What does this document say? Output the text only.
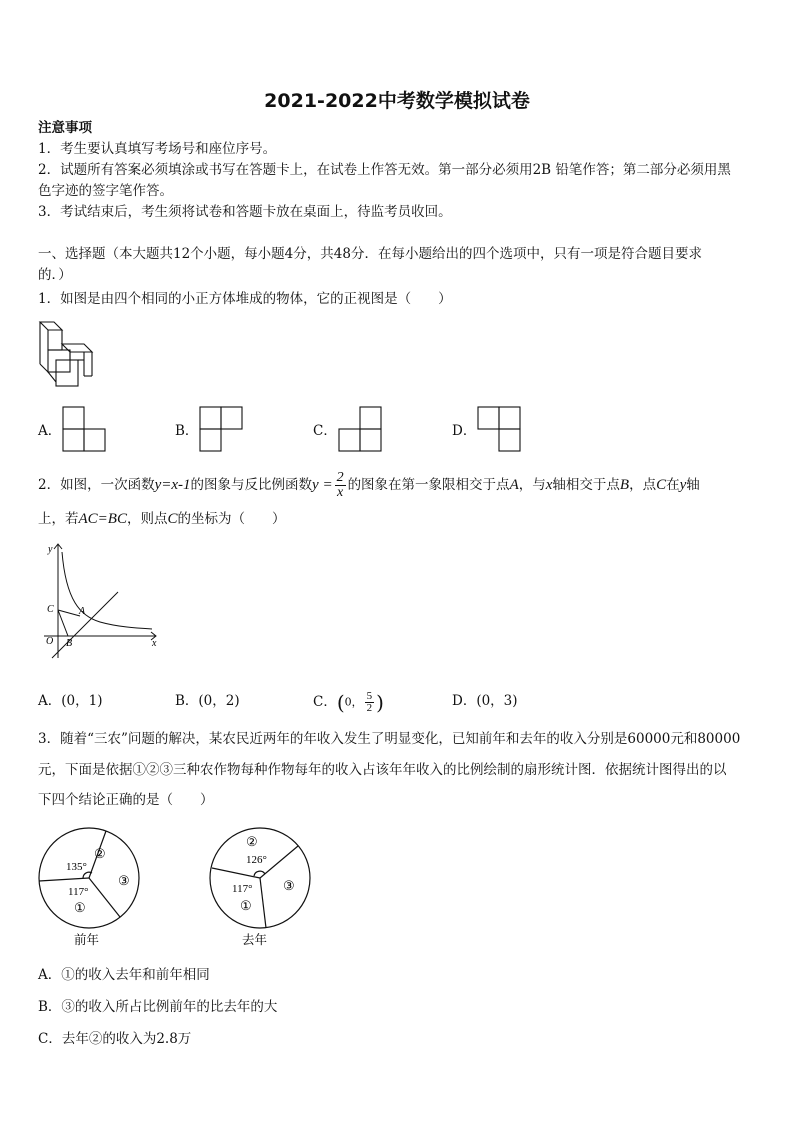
2021-2022中考数学模拟试卷
注意事项
1．考生要认真填写考场号和座位序号。
2．试题所有答案必须填涂或书写在答题卡上，在试卷上作答无效。第一部分必须用2B 铅笔作答；第二部分必须用黑
色字迹的签字笔作答。
3．考试结束后，考生须将试卷和答题卡放在桌面上，待监考员收回。
一、选择题（本大题共12个小题，每小题4分，共48分．在每小题给出的四个选项中，只有一项是符合题目要求
的．）
1．如图是由四个相同的小正方体堆成的物体，它的正视图是（　　）
A．	B．	C．	D．
2．如图，一次函数y=x-1的图象与反比例函数$y = \frac{2}{x}$ 的图象在第一象限相交于点A，与x轴相交于点B，点C在y轴
上，若AC=BC，则点C的坐标为（　　）
y
x
O B
C	A
A．(0，1)	B．(0，2)	C．(0， $\frac{5}{2}$ )	D．(0，3)
3．随着“三农”问题的解决，某农民近两年的年收入发生了明显变化，已知前年和去年的收入分别是60000元和80000
元，下面是依据①②③三种农作物每种作物每年的收入占该年年收入的比例绘制的扇形统计图．依据统计图得出的以
下四个结论正确的是（　　）
②
135°
117°
①
③
前年
②
126°
117°
①
③
去年
A．①的收入去年和前年相同
B．③的收入所占比例前年的比去年的大
C．去年②的收入为2.8万
